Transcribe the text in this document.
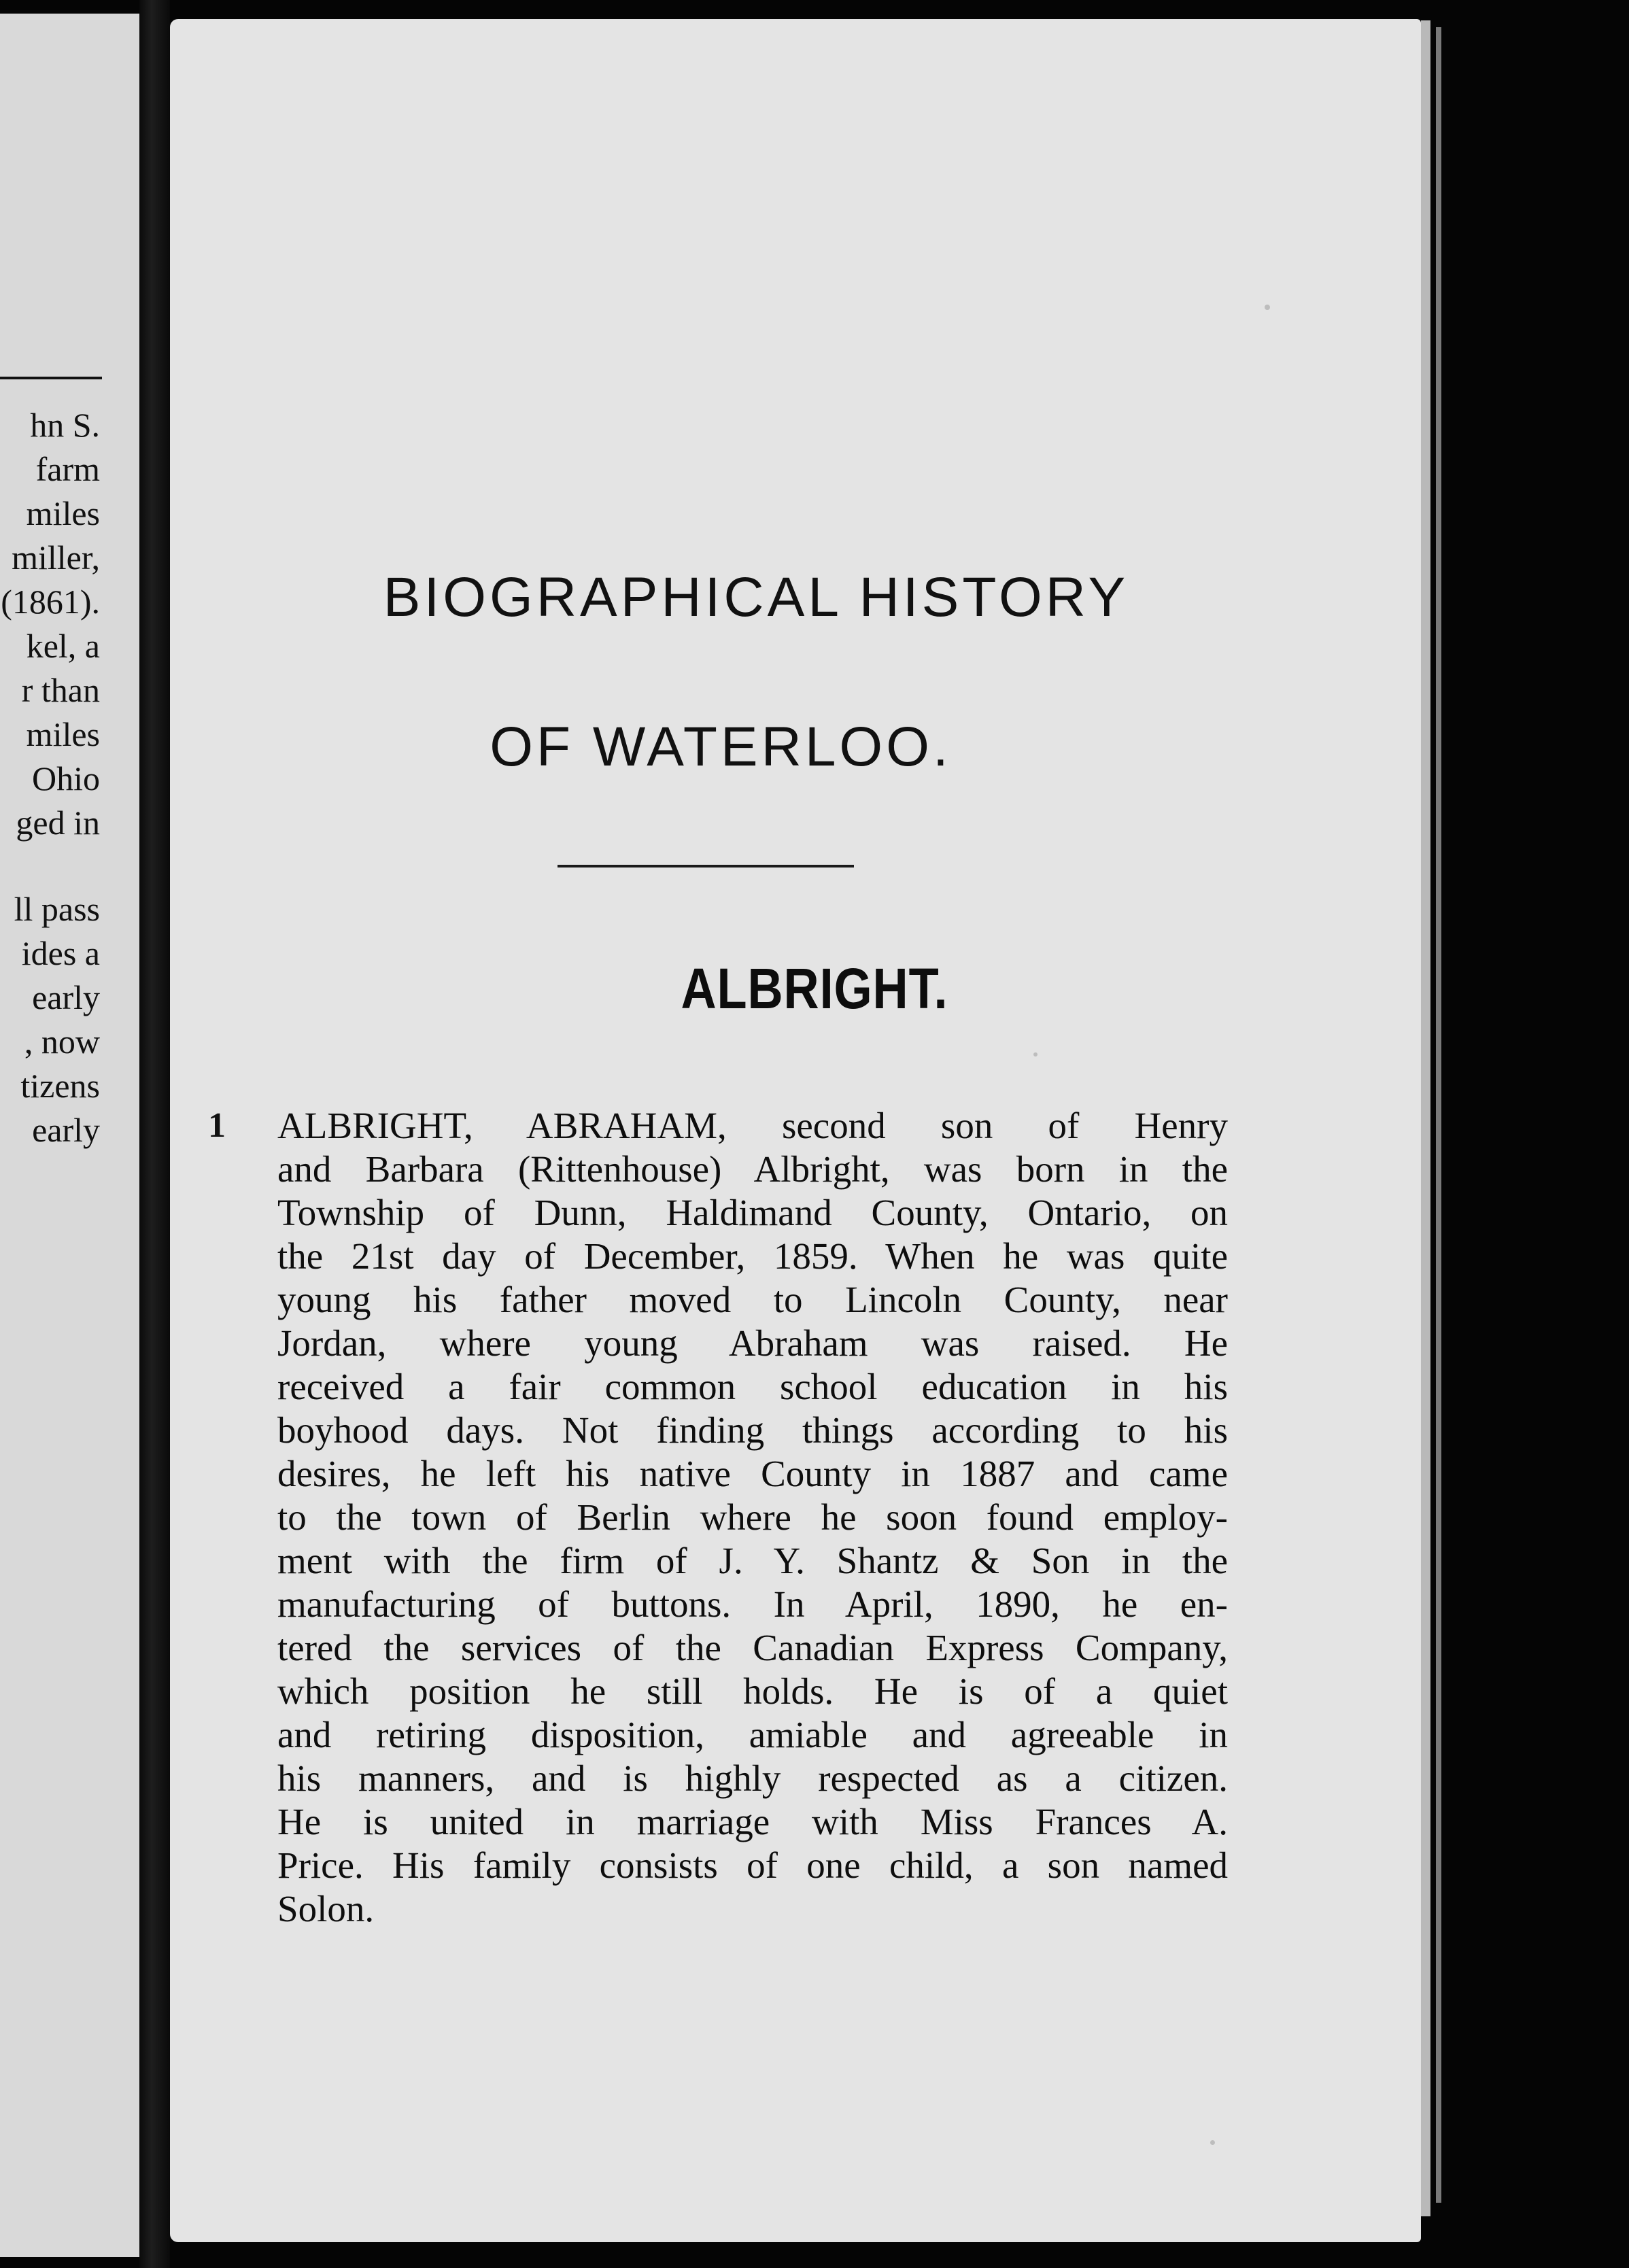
hn S.
farm
miles
miller,
(1861).
kel, a
r than
miles
Ohio
ged in
ll pass
ides a
early
, now
tizens
early
BIOGRAPHICAL HISTORY
OF WATERLOO.
ALBRIGHT.
1 ALBRIGHT, ABRAHAM, second son of Henry
and Barbara (Rittenhouse) Albright, was born in the
Township of Dunn, Haldimand County, Ontario, on
the 21st day of December, 1859. When he was quite
young his father moved to Lincoln County, near
Jordan, where young Abraham was raised. He
received a fair common school education in his
boyhood days. Not finding things according to his
desires, he left his native County in 1887 and came
to the town of Berlin where he soon found employ-
ment with the firm of J. Y. Shantz & Son in the
manufacturing of buttons. In April, 1890, he en-
tered the services of the Canadian Express Company,
which position he still holds. He is of a quiet
and retiring disposition, amiable and agreeable in
his manners, and is highly respected as a citizen.
He is united in marriage with Miss Frances A.
Price. His family consists of one child, a son named
Solon.
